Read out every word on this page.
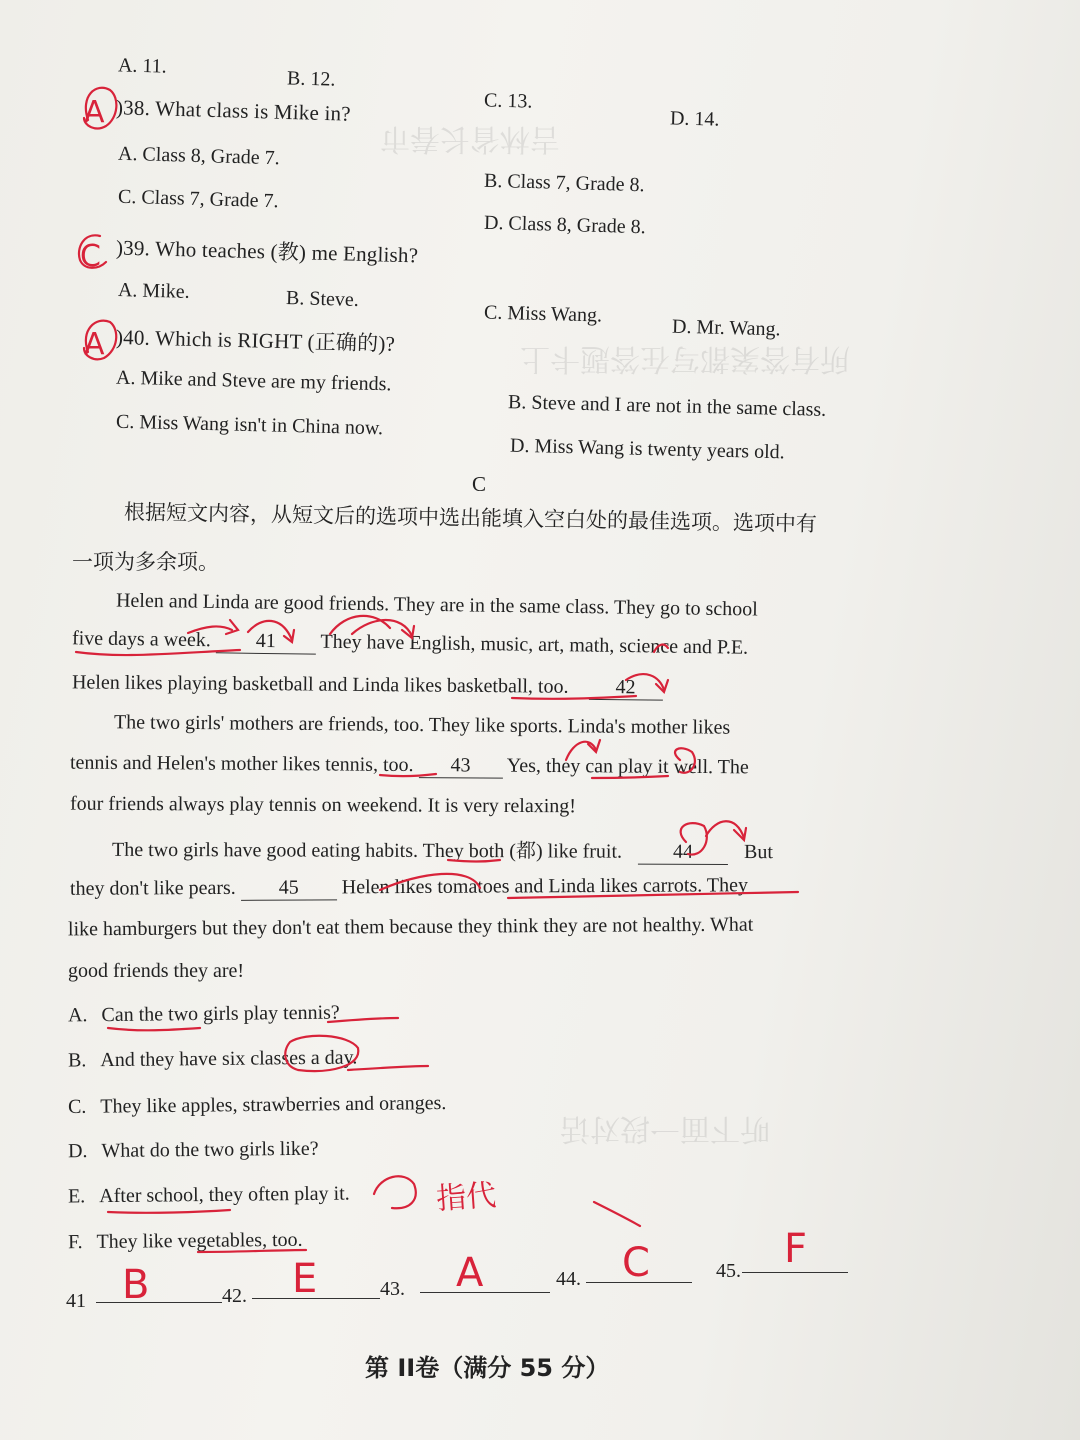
吉林省长春市
所有答案都写在答题卡上
听下面一段对话
A. 11.
B. 12.
C. 13.
D. 14.
)38. What class is Mike in?
A. Class 8, Grade 7.
B. Class 7, Grade 8.
C. Class 7, Grade 7.
D. Class 8, Grade 8.
)39. Who teaches (教) me English?
A. Mike.	B. Steve.
C. Miss Wang.
D. Mr. Wang.
)40. Which is RIGHT (正确的)?
A. Mike and Steve are my friends.
B. Steve and I are not in the same class.
C. Miss Wang isn't in China now.
D. Miss Wang is twenty years old.
C
根据短文内容，从短文后的选项中选出能填入空白处的最佳选项。选项中有
一项为多余项。
Helen and Linda are good friends. They are in the same class. They go to school
five days a week. 41 They have English, music, art, math, science and P.E.
Helen likes playing basketball and Linda likes basketball, too. 42
The two girls' mothers are friends, too. They like sports. Linda's mother likes
tennis and Helen's mother likes tennis, too. 43 Yes, they can play it well. The
four friends always play tennis on weekend. It is very relaxing!
The two girls have good eating habits. They both (都) like fruit.	44	But
they don't like pears. 45 Helen likes tomatoes and Linda likes carrots. They
like hamburgers but they don't eat them because they think they are not healthy. What
good friends they are!
A. Can the two girls play tennis?
B. And they have six classes a day.
C. They like apples, strawberries and oranges.
D. What do the two girls like?
E. After school, they often play it.
F. They like vegetables, too.
41	42.	43.	44.	45.
第 II卷（满分 55 分）
A
C
A
指代
B	E	A	C	F
